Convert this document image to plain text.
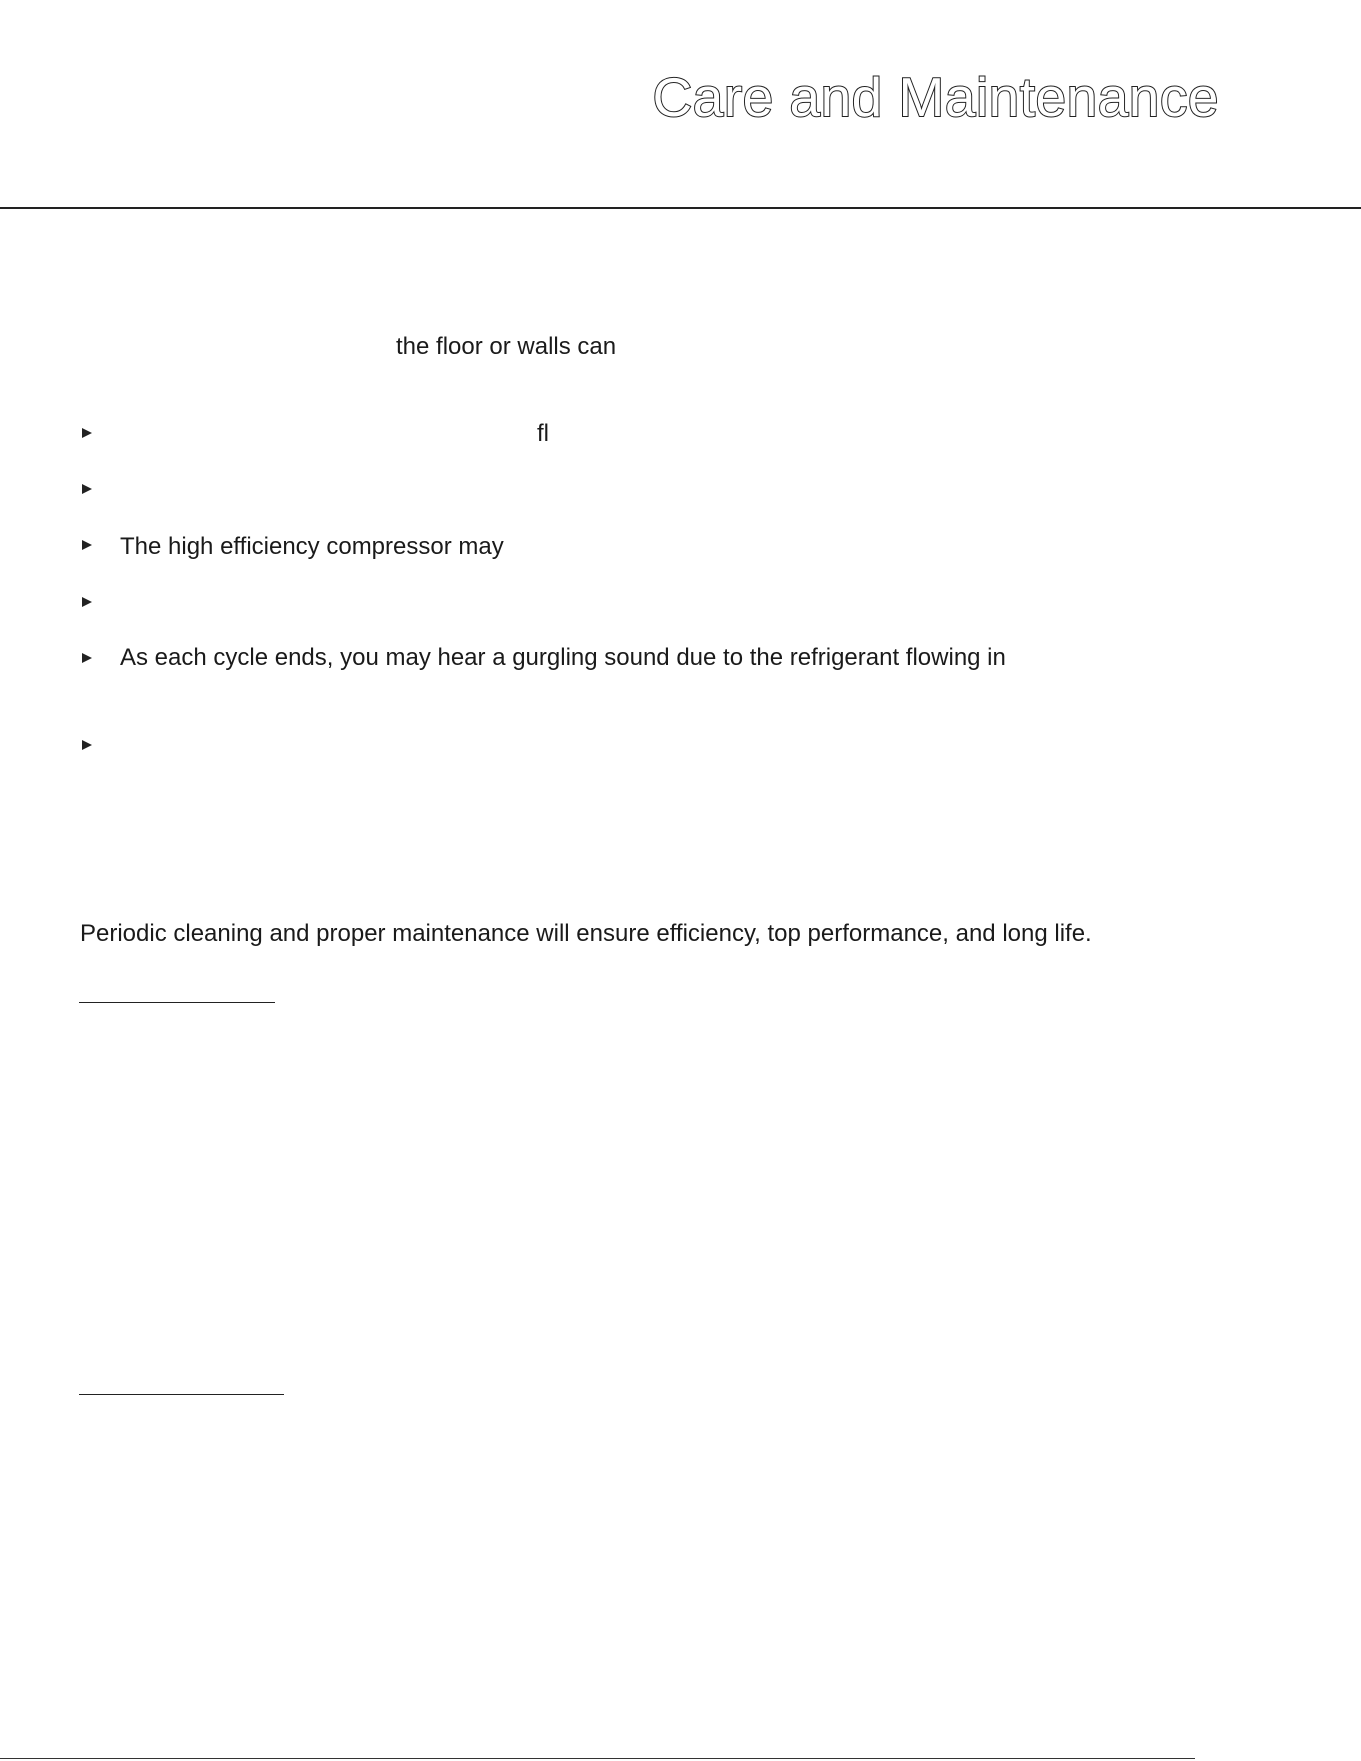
Care and Maintenance

the floor or walls can

fl
The high efficiency compressor may
As each cycle ends, you may hear a gurgling sound due to the refrigerant flowing in

Periodic cleaning and proper maintenance will ensure efficiency, top performance, and long life.
